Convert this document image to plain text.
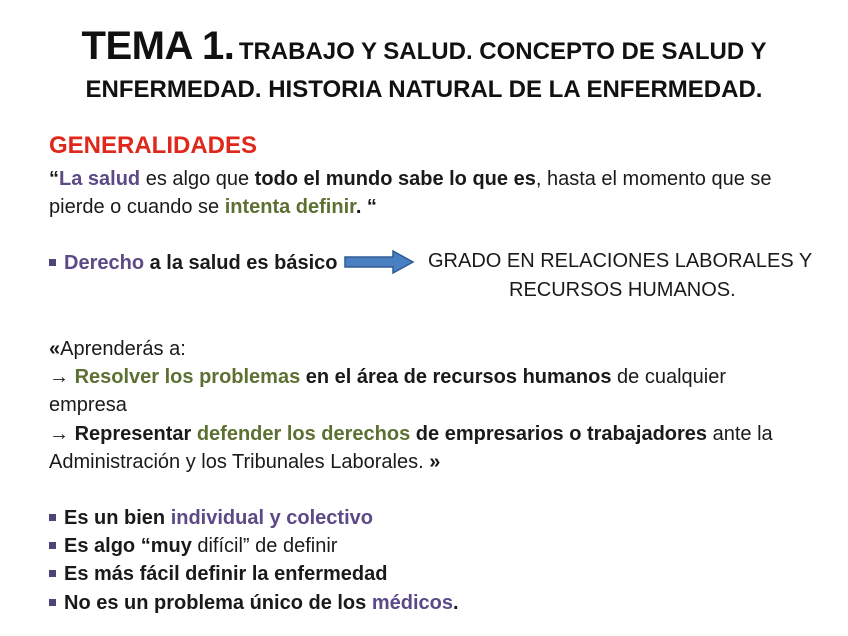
TEMA 1. TRABAJO Y SALUD. CONCEPTO DE SALUD Y
ENFERMEDAD. HISTORIA NATURAL DE LA ENFERMEDAD.
GENERALIDADES
“La salud es algo que todo el mundo sabe lo que es, hasta el momento que se
pierde o cuando se intenta definir. “
Derecho a la salud es básico	GRADO EN RELACIONES LABORALES Y
RECURSOS HUMANOS.
«Aprenderás a:
→ Resolver los problemas en el área de recursos humanos de cualquier
empresa
→ Representar defender los derechos de empresarios o trabajadores ante la
Administración y los Tribunales Laborales. »
Es un bien individual y colectivo
Es algo “muy difícil” de definir
Es más fácil definir la enfermedad
No es un problema único de los médicos.
